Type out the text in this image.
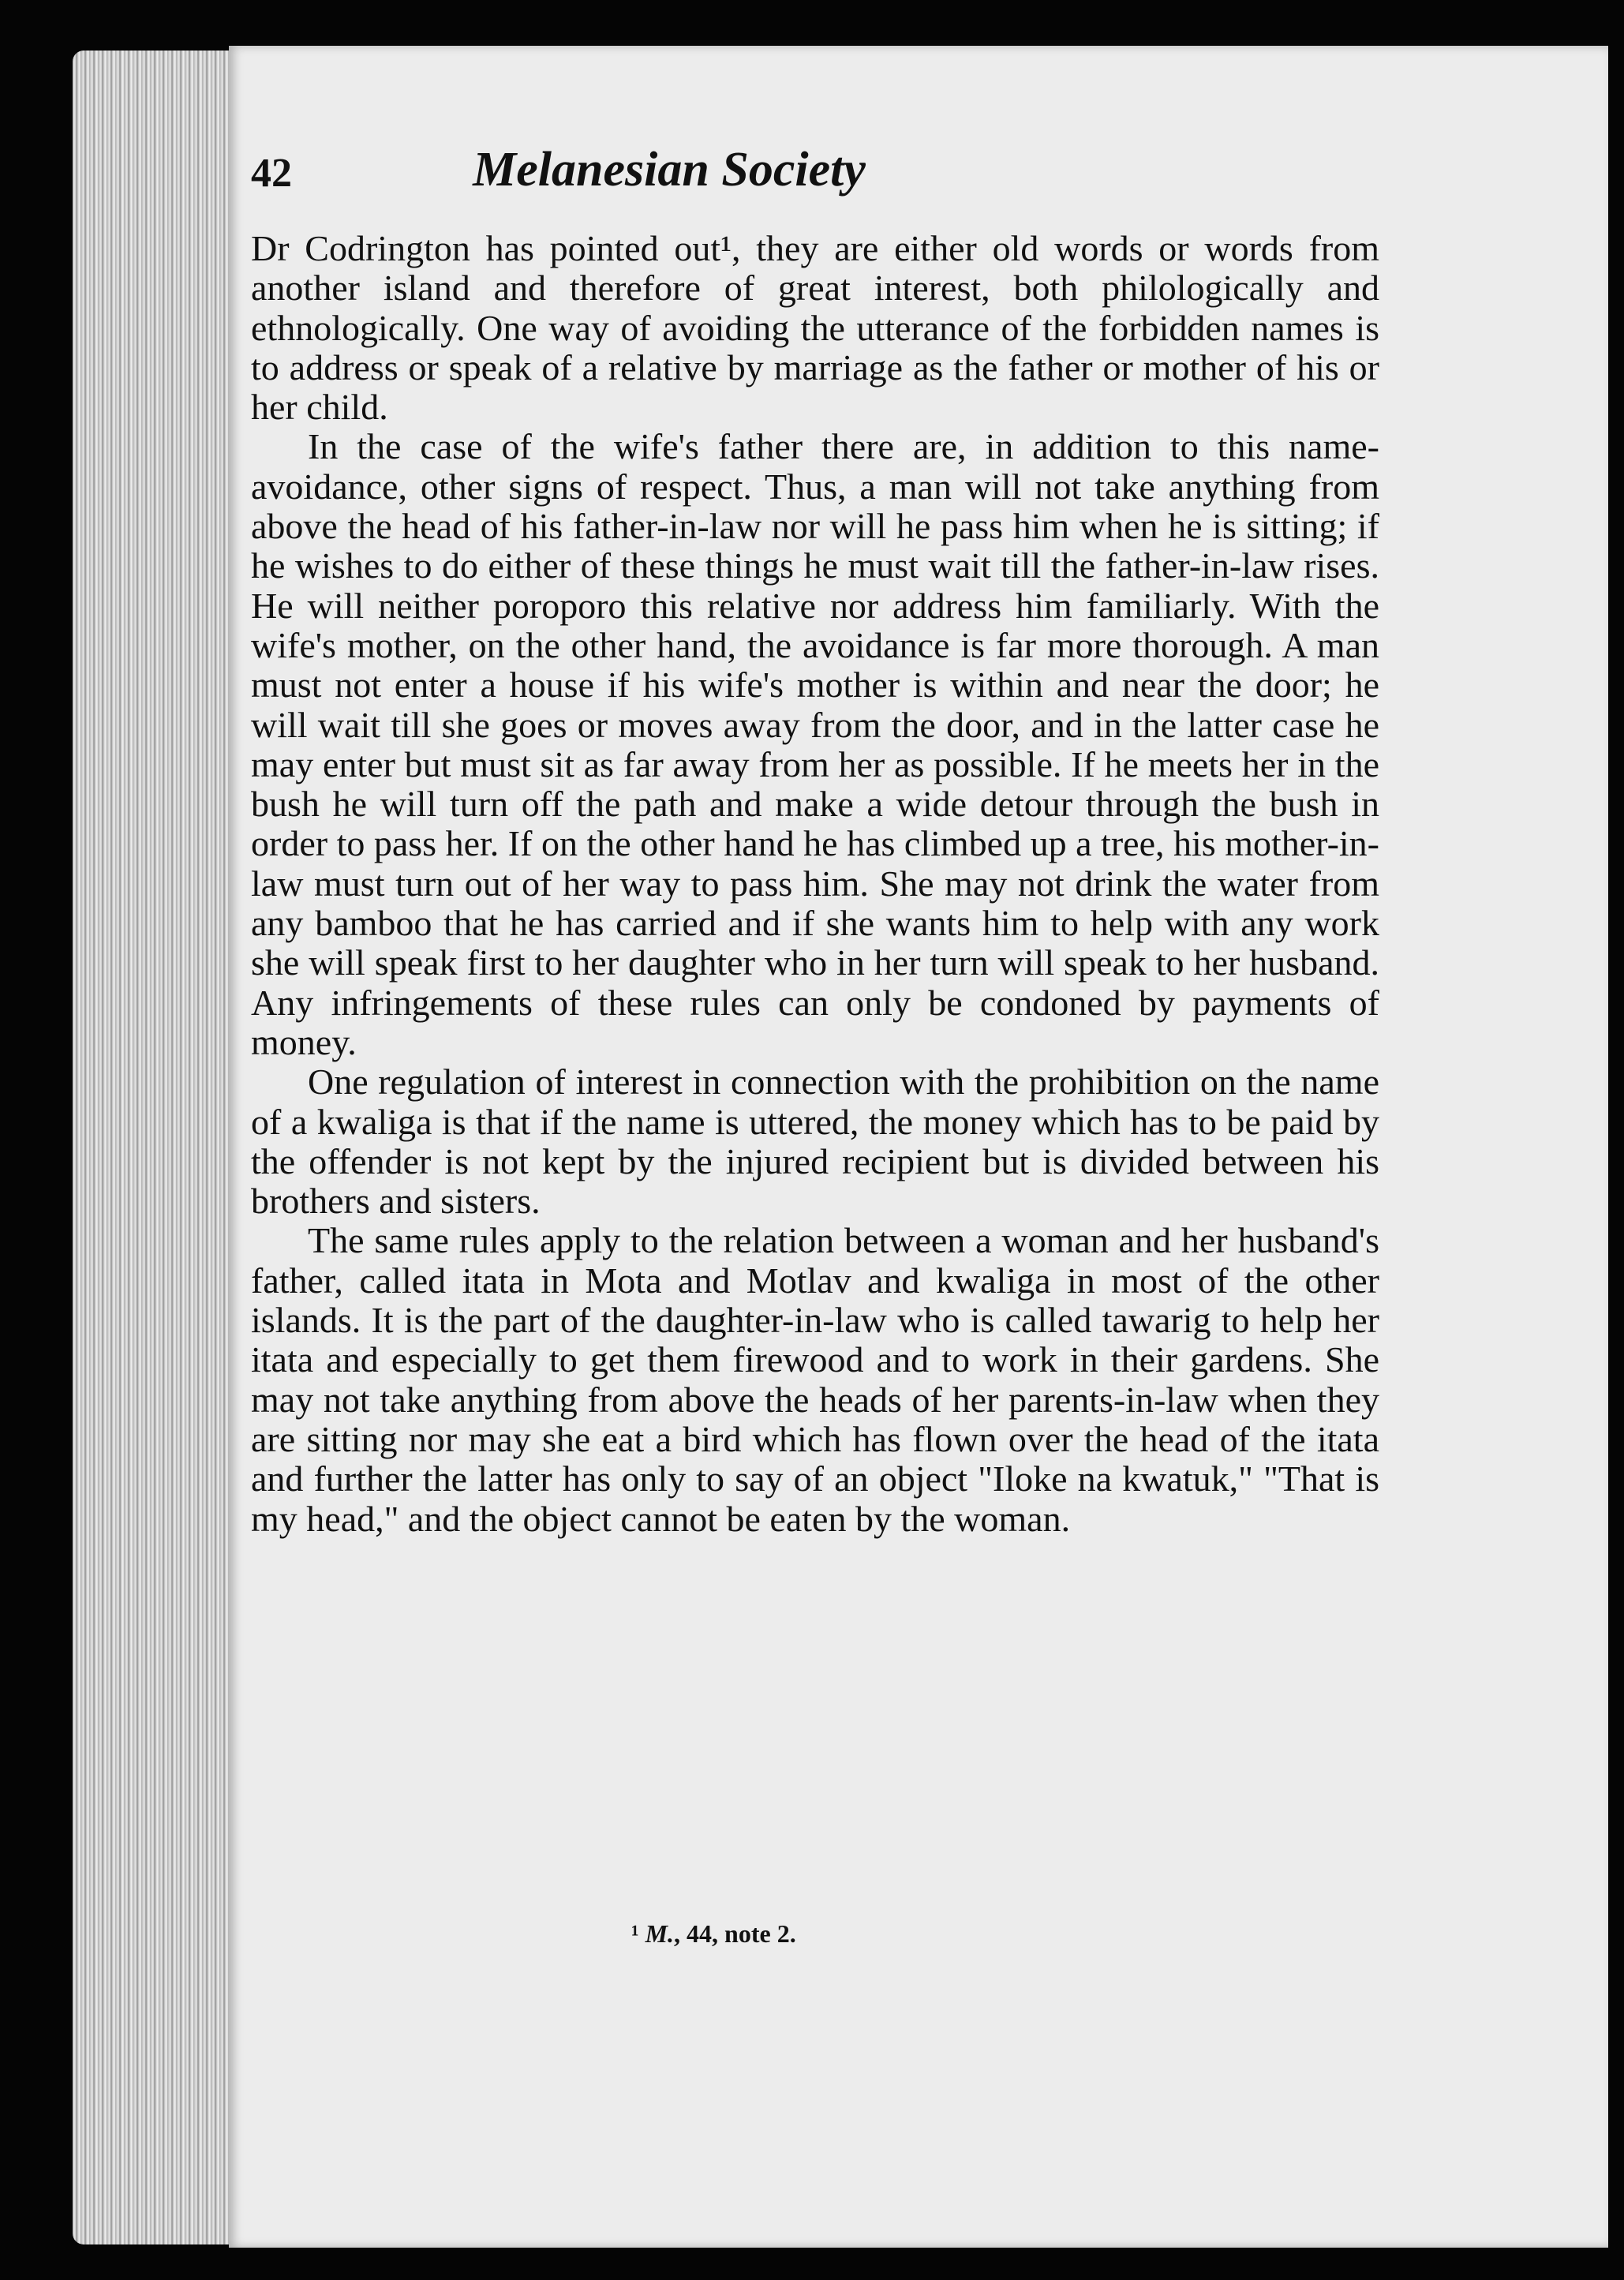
42	Melanesian Society

Dr Codrington has pointed out¹, they are either old words or words from another island and therefore of great interest, both philologically and ethnologically. One way of avoiding the utterance of the forbidden names is to address or speak of a relative by marriage as the father or mother of his or her child.

In the case of the wife's father there are, in addition to this name-avoidance, other signs of respect. Thus, a man will not take anything from above the head of his father-in-law nor will he pass him when he is sitting; if he wishes to do either of these things he must wait till the father-in-law rises. He will neither poroporo this relative nor address him familiarly. With the wife's mother, on the other hand, the avoidance is far more thorough. A man must not enter a house if his wife's mother is within and near the door; he will wait till she goes or moves away from the door, and in the latter case he may enter but must sit as far away from her as possible. If he meets her in the bush he will turn off the path and make a wide detour through the bush in order to pass her. If on the other hand he has climbed up a tree, his mother-in-law must turn out of her way to pass him. She may not drink the water from any bamboo that he has carried and if she wants him to help with any work she will speak first to her daughter who in her turn will speak to her husband. Any infringements of these rules can only be condoned by payments of money.

One regulation of interest in connection with the prohibition on the name of a kwaliga is that if the name is uttered, the money which has to be paid by the offender is not kept by the injured recipient but is divided between his brothers and sisters.

The same rules apply to the relation between a woman and her husband's father, called itata in Mota and Motlav and kwaliga in most of the other islands. It is the part of the daughter-in-law who is called tawarig to help her itata and especially to get them firewood and to work in their gardens. She may not take anything from above the heads of her parents-in-law when they are sitting nor may she eat a bird which has flown over the head of the itata and further the latter has only to say of an object "Iloke na kwatuk," "That is my head," and the object cannot be eaten by the woman.

¹ M., 44, note 2.
